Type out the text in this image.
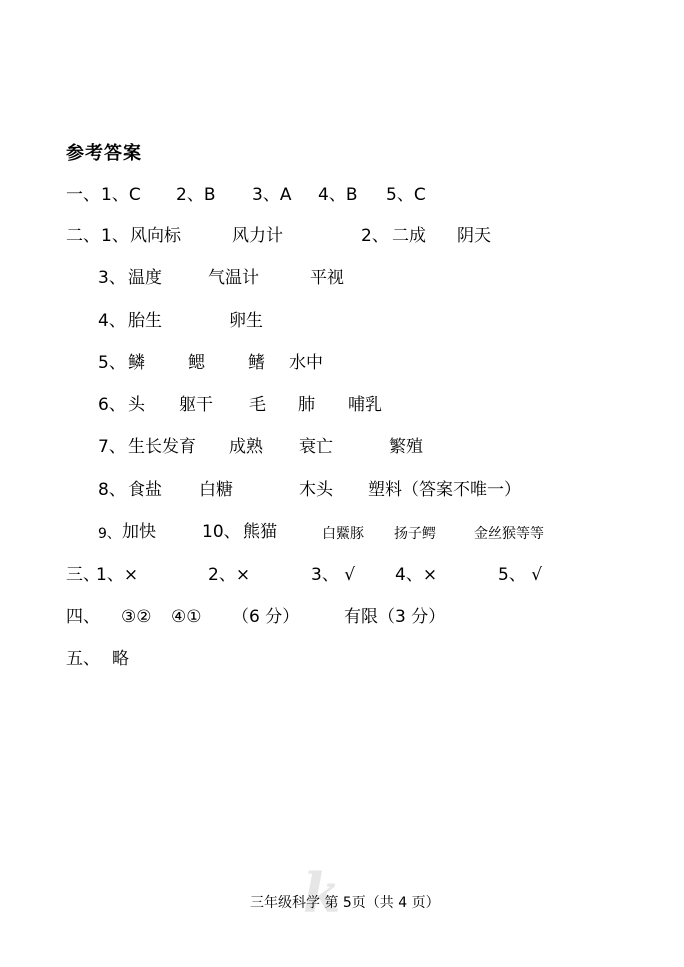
参考答案
一、 1、C 2、B 3、A 4、B 5、C
二、 1、 风向标	风力计	2、 二成 阴天
3、 温度	气温计	平视
4、 胎生	卵生
5、 鳞	鳃	鳍 水中
6、 头 躯干 毛 肺 哺乳
7、 生长发育 成熟 衰亡	繁殖
8、 食盐 白糖	木头 塑料（答案不唯一）
9、 加快	10、 熊猫	白鱀豚 扬子鳄	金丝猴等等
三、
1、×	2、×	3、 √ 4、×	5、 √
四、 ③② ④① （6 分）	有限（3 分）
五、 略
k
三年级科学 第 5页（共 4 页）
